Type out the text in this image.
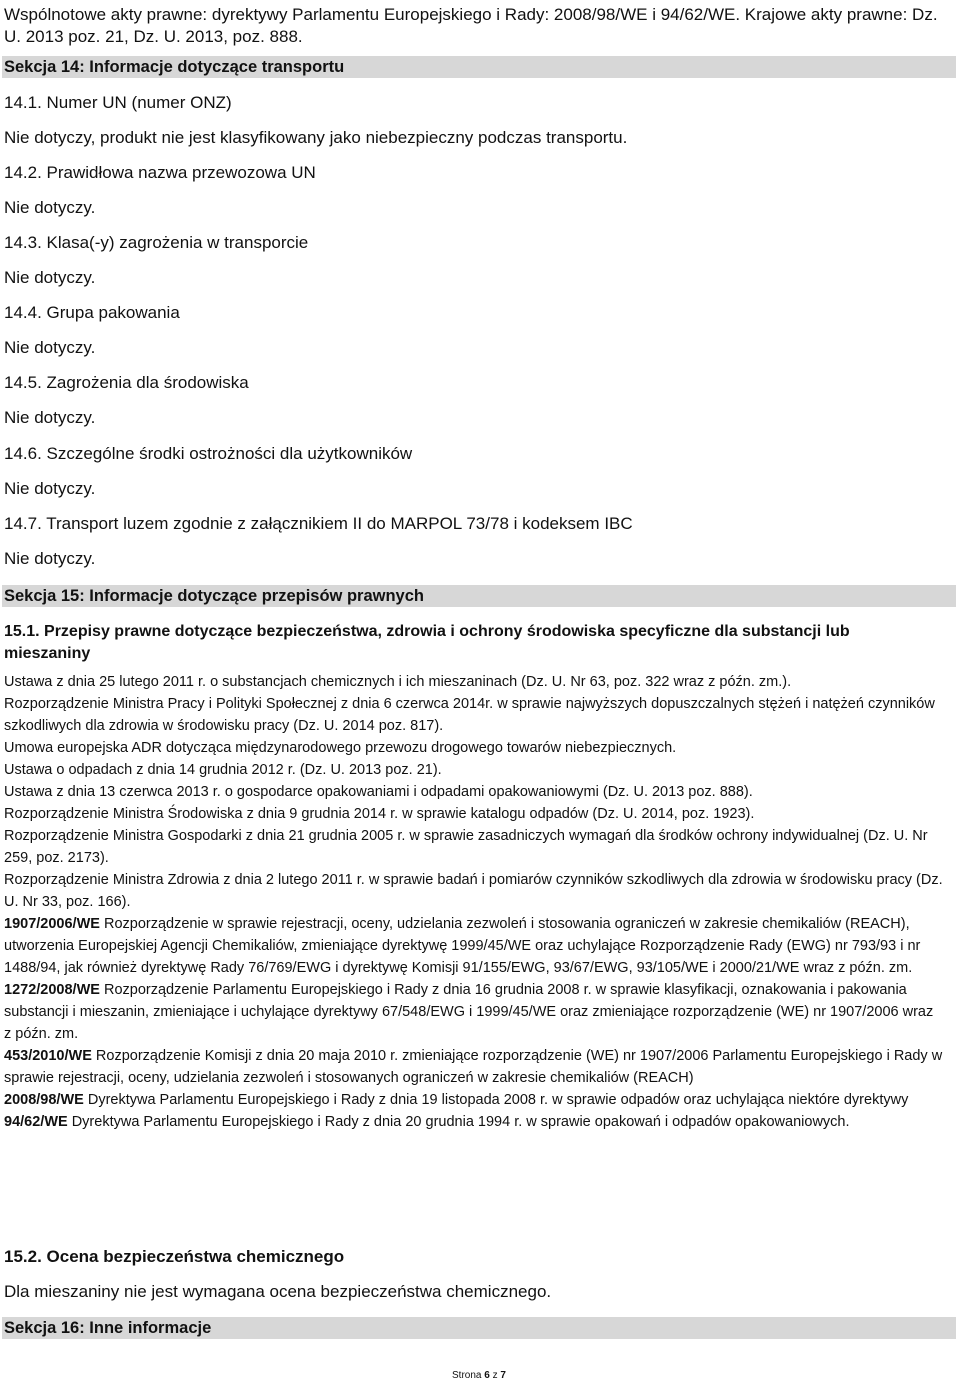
Wspólnotowe akty prawne: dyrektywy Parlamentu Europejskiego i Rady: 2008/98/WE i 94/62/WE. Krajowe akty prawne: Dz. U. 2013 poz. 21, Dz. U. 2013, poz. 888.
Sekcja 14: Informacje dotyczące transportu
14.1. Numer UN (numer ONZ)
Nie dotyczy, produkt nie jest klasyfikowany jako niebezpieczny podczas transportu.
14.2. Prawidłowa nazwa przewozowa UN
Nie dotyczy.
14.3. Klasa(-y) zagrożenia w transporcie
Nie dotyczy.
14.4. Grupa pakowania
Nie dotyczy.
14.5. Zagrożenia dla środowiska
Nie dotyczy.
14.6. Szczególne środki ostrożności dla użytkowników
Nie dotyczy.
14.7. Transport luzem zgodnie z załącznikiem II do MARPOL 73/78 i kodeksem IBC
Nie dotyczy.
Sekcja 15: Informacje dotyczące przepisów prawnych
15.1. Przepisy prawne dotyczące bezpieczeństwa, zdrowia i ochrony środowiska specyficzne dla substancji lub mieszaniny
Ustawa z dnia 25 lutego 2011 r. o substancjach chemicznych i ich mieszaninach (Dz. U. Nr 63, poz. 322 wraz z późn. zm.).
Rozporządzenie Ministra Pracy i Polityki Społecznej z dnia 6 czerwca 2014r. w sprawie najwyższych dopuszczalnych stężeń i natężeń czynników szkodliwych dla zdrowia w środowisku pracy (Dz. U. 2014 poz. 817).
Umowa europejska ADR dotycząca międzynarodowego przewozu drogowego towarów niebezpiecznych.
Ustawa o odpadach z dnia 14 grudnia 2012 r. (Dz. U. 2013 poz. 21).
Ustawa z dnia 13 czerwca 2013 r. o gospodarce opakowaniami i odpadami opakowaniowymi (Dz. U. 2013 poz. 888).
Rozporządzenie Ministra Środowiska z dnia 9 grudnia 2014 r. w sprawie katalogu odpadów (Dz. U. 2014, poz. 1923).
Rozporządzenie Ministra Gospodarki z dnia 21 grudnia 2005 r. w sprawie zasadniczych wymagań dla środków ochrony indywidualnej (Dz. U. Nr 259, poz. 2173).
Rozporządzenie Ministra Zdrowia z dnia 2 lutego 2011 r. w sprawie badań i pomiarów czynników szkodliwych dla zdrowia w środowisku pracy (Dz. U. Nr 33, poz. 166).
1907/2006/WE Rozporządzenie w sprawie rejestracji, oceny, udzielania zezwoleń i stosowania ograniczeń w zakresie chemikaliów (REACH), utworzenia Europejskiej Agencji Chemikaliów, zmieniające dyrektywę 1999/45/WE oraz uchylające Rozporządzenie Rady (EWG) nr 793/93 i nr 1488/94, jak również dyrektywę Rady 76/769/EWG i dyrektywę Komisji 91/155/EWG, 93/67/EWG, 93/105/WE i 2000/21/WE wraz z późn. zm.
1272/2008/WE Rozporządzenie Parlamentu Europejskiego i Rady z dnia 16 grudnia 2008 r. w sprawie klasyfikacji, oznakowania i pakowania substancji i mieszanin, zmieniające i uchylające dyrektywy 67/548/EWG i 1999/45/WE oraz zmieniające rozporządzenie (WE) nr 1907/2006 wraz z późn. zm.
453/2010/WE Rozporządzenie Komisji z dnia 20 maja 2010 r. zmieniające rozporządzenie (WE) nr 1907/2006 Parlamentu Europejskiego i Rady w sprawie rejestracji, oceny, udzielania zezwoleń i stosowanych ograniczeń w zakresie chemikaliów (REACH)
2008/98/WE Dyrektywa Parlamentu Europejskiego i Rady z dnia 19 listopada 2008 r. w sprawie odpadów oraz uchylająca niektóre dyrektywy
94/62/WE Dyrektywa Parlamentu Europejskiego i Rady z dnia 20 grudnia 1994 r. w sprawie opakowań i odpadów opakowaniowych.
15.2. Ocena bezpieczeństwa chemicznego
Dla mieszaniny nie jest wymagana ocena bezpieczeństwa chemicznego.
Sekcja 16: Inne informacje
Strona 6 z 7
